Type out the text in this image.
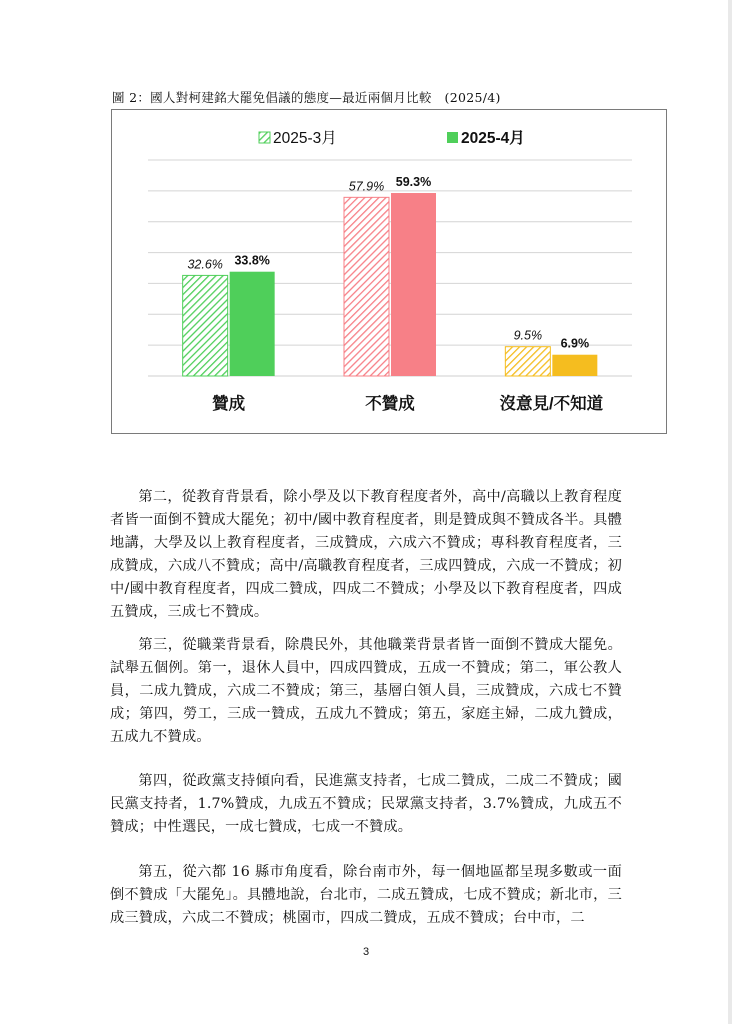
圖 2：國人對柯建銘大罷免倡議的態度—最近兩個月比較　(2025/4)
2025-3月	2025-4月
32.6% 33.8%
贊成
57.9% 59.3%
不贊成
9.5%
6.9%
沒意見/不知道
第二，從教育背景看，除小學及以下教育程度者外，高中/高職以上教育程度者皆一面倒不贊成大罷免；初中/國中教育程度者，則是贊成與不贊成各半。具體地講，大學及以上教育程度者，三成贊成，六成六不贊成；專科教育程度者，三成贊成，六成八不贊成；高中/高職教育程度者，三成四贊成，六成一不贊成；初中/國中教育程度者，四成二贊成，四成二不贊成；小學及以下教育程度者，四成五贊成，三成七不贊成。
第三，從職業背景看，除農民外，其他職業背景者皆一面倒不贊成大罷免。試舉五個例。第一，退休人員中，四成四贊成，五成一不贊成；第二，軍公教人員，二成九贊成，六成二不贊成；第三，基層白領人員，三成贊成，六成七不贊成；第四，勞工，三成一贊成，五成九不贊成；第五，家庭主婦，二成九贊成，五成九不贊成。
第四，從政黨支持傾向看，民進黨支持者，七成二贊成，二成二不贊成；國民黨支持者，1.7%贊成，九成五不贊成；民眾黨支持者，3.7%贊成，九成五不贊成；中性選民，一成七贊成，七成一不贊成。
第五，從六都 16 縣市角度看，除台南市外，每一個地區都呈現多數或一面倒不贊成「大罷免」。具體地說，台北市，二成五贊成，七成不贊成；新北市，三成三贊成，六成二不贊成；桃園市，四成二贊成，五成不贊成；台中市，二
3
